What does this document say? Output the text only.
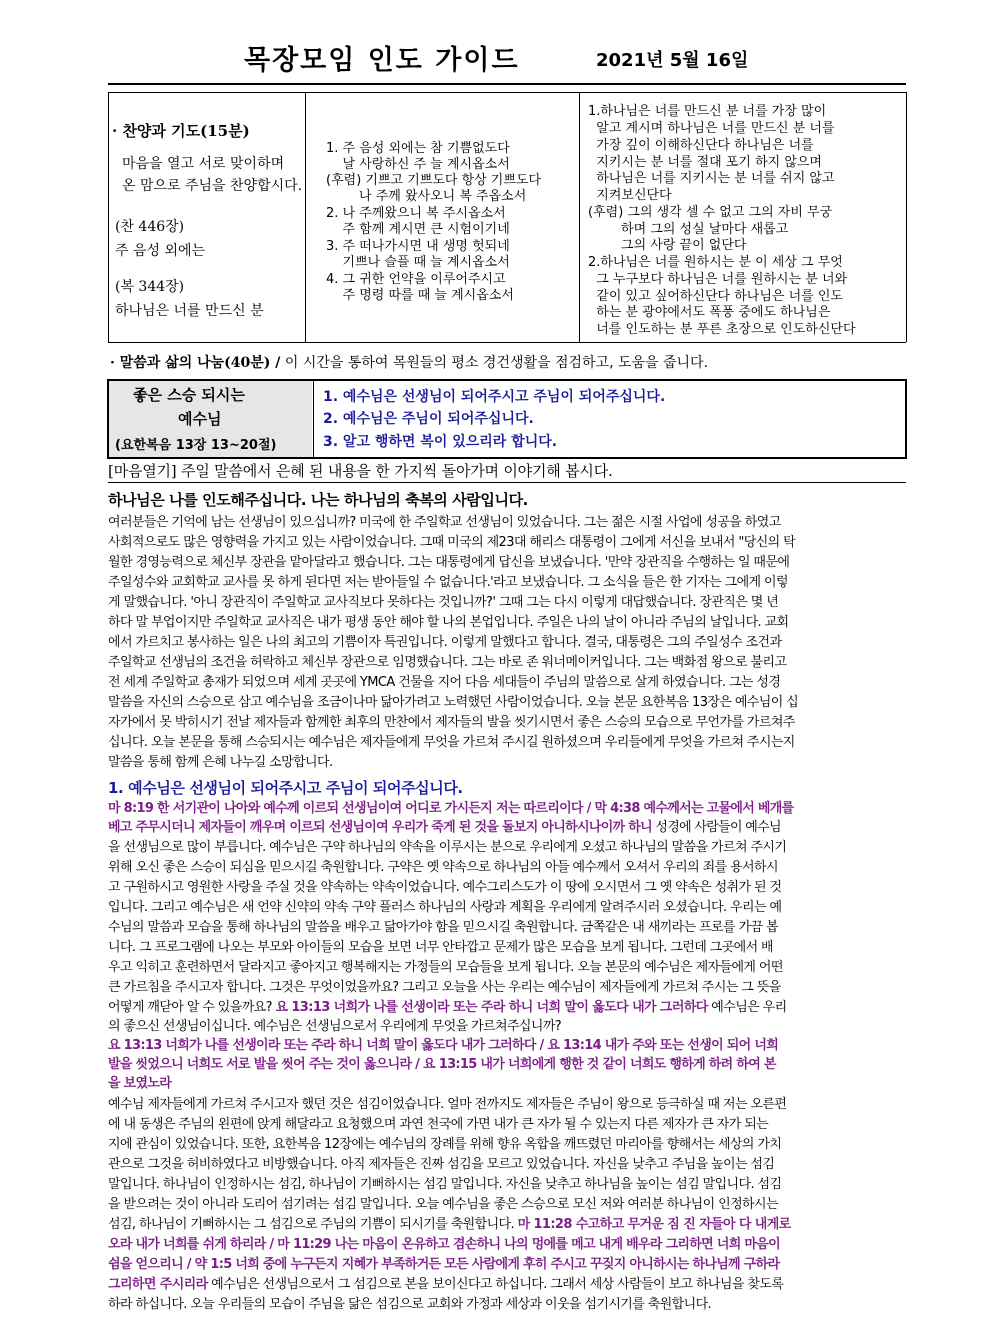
목장모임 인도 가이드	2021년 5월 16일
· 찬양과 기도(15분)
마음을 열고 서로 맞이하며
온 맘으로 주님을 찬양합시다.
(찬 446장)
주 음성 외에는
(복 344장)
하나님은 너를 만드신 분
1. 주 음성 외에는 참 기쁨없도다
날 사랑하신 주 늘 계시옵소서
(후렴) 기쁘고 기쁘도다 항상 기쁘도다
나 주께 왔사오니 복 주옵소서
2. 나 주께왔으니 복 주시옵소서
주 함께 계시면 큰 시험이기네
3. 주 떠나가시면 내 생명 헛되네
기쁘나 슬플 때 늘 계시옵소서
4. 그 귀한 언약을 이루어주시고
주 명령 따를 때 늘 계시옵소서
1.하나님은 너를 만드신 분 너를 가장 많이
알고 계시며 하나님은 너를 만드신 분 너를
가장 깊이 이해하신단다 하나님은 너를
지키시는 분 너를 절대 포기 하지 않으며
하나님은 너를 지키시는 분 너를 쉬지 않고
지켜보신단다
(후렴) 그의 생각 셀 수 없고 그의 자비 무궁
하며 그의 성실 날마다 새롭고
그의 사랑 끝이 없단다
2.하나님은 너를 원하시는 분 이 세상 그 무엇
그 누구보다 하나님은 너를 원하시는 분 너와
같이 있고 싶어하신단다 하나님은 너를 인도
하는 분 광야에서도 폭풍 중에도 하나님은
너를 인도하는 분 푸른 초장으로 인도하신단다
· 말씀과 삶의 나눔(40분) / 이 시간을 통하여 목원들의 평소 경건생활을 점검하고, 도움을 줍니다.
좋은 스승 되시는
예수님
(요한복음 13장 13~20절)
1. 예수님은 선생님이 되어주시고 주님이 되어주십니다.
2. 예수님은 주님이 되어주십니다.
3. 알고 행하면 복이 있으리라 합니다.
[마음열기] 주일 말씀에서 은혜 된 내용을 한 가지씩 돌아가며 이야기해 봅시다.
하나님은 나를 인도해주십니다. 나는 하나님의 축복의 사람입니다.
여러분들은 기억에 남는 선생님이 있으십니까? 미국에 한 주일학교 선생님이 있었습니다. 그는 젊은 시절 사업에 성공을 하였고
사회적으로도 많은 영향력을 가지고 있는 사람이었습니다. 그때 미국의 제23대 해리스 대통령이 그에게 서신을 보내서 "당신의 탁
월한 경영능력으로 체신부 장관을 맡아달라고 했습니다. 그는 대통령에게 답신을 보냈습니다. '만약 장관직을 수행하는 일 때문에
주일성수와 교회학교 교사를 못 하게 된다면 저는 받아들일 수 없습니다.'라고 보냈습니다. 그 소식을 들은 한 기자는 그에게 이렇
게 말했습니다. '아니 장관직이 주일학교 교사직보다 못하다는 것입니까?' 그때 그는 다시 이렇게 대답했습니다. 장관직은 몇 년
하다 말 부업이지만 주일학교 교사직은 내가 평생 동안 해야 할 나의 본업입니다. 주일은 나의 날이 아니라 주님의 날입니다. 교회
에서 가르치고 봉사하는 일은 나의 최고의 기쁨이자 특권입니다. 이렇게 말했다고 합니다. 결국, 대통령은 그의 주일성수 조건과
주일학교 선생님의 조건을 허락하고 체신부 장관으로 임명했습니다. 그는 바로 존 워너메이커입니다. 그는 백화점 왕으로 불리고
전 세계 주일학교 총재가 되었으며 세계 곳곳에 YMCA 건물을 지어 다음 세대들이 주님의 말씀으로 살게 하였습니다. 그는 성경
말씀을 자신의 스승으로 삼고 예수님을 조금이나마 닮아가려고 노력했던 사람이었습니다. 오늘 본문 요한복음 13장은 예수님이 십
자가에서 못 박히시기 전날 제자들과 함께한 최후의 만찬에서 제자들의 발을 씻기시면서 좋은 스승의 모습으로 무언가를 가르쳐주
십니다. 오늘 본문을 통해 스승되시는 예수님은 제자들에게 무엇을 가르쳐 주시길 원하셨으며 우리들에게 무엇을 가르쳐 주시는지
말씀을 통해 함께 은혜 나누길 소망합니다.
1. 예수님은 선생님이 되어주시고 주님이 되어주십니다.
마 8:19 한 서기관이 나아와 예수께 이르되 선생님이여 어디로 가시든지 저는 따르리이다 / 막 4:38 예수께서는 고물에서 베개를
베고 주무시더니 제자들이 깨우며 이르되 선생님이여 우리가 죽게 된 것을 돌보지 아니하시나이까 하니 성경에 사람들이 예수님
을 선생님으로 많이 부릅니다. 예수님은 구약 하나님의 약속을 이루시는 분으로 우리에게 오셨고 하나님의 말씀을 가르쳐 주시기
위해 오신 좋은 스승이 되심을 믿으시길 축원합니다. 구약은 옛 약속으로 하나님의 아들 예수께서 오셔서 우리의 죄를 용서하시
고 구원하시고 영원한 사랑을 주실 것을 약속하는 약속이었습니다. 예수그리스도가 이 땅에 오시면서 그 옛 약속은 성취가 된 것
입니다. 그리고 예수님은 새 언약 신약의 약속 구약 플러스 하나님의 사랑과 계획을 우리에게 알려주시러 오셨습니다. 우리는 예
수님의 말씀과 모습을 통해 하나님의 말씀을 배우고 닮아가야 함을 믿으시길 축원합니다. 금쪽같은 내 새끼라는 프로를 가끔 봅
니다. 그 프로그램에 나오는 부모와 아이들의 모습을 보면 너무 안타깝고 문제가 많은 모습을 보게 됩니다. 그런데 그곳에서 배
우고 익히고 훈련하면서 달라지고 좋아지고 행복해지는 가정들의 모습들을 보게 됩니다. 오늘 본문의 예수님은 제자들에게 어떤
큰 가르침을 주시고자 합니다. 그것은 무엇이었을까요? 그리고 오늘을 사는 우리는 예수님이 제자들에게 가르쳐 주시는 그 뜻을
어떻게 깨닫아 알 수 있을까요? 요 13:13 너희가 나를 선생이라 또는 주라 하니 너희 말이 옳도다 내가 그러하다 예수님은 우리
의 좋으신 선생님이십니다. 예수님은 선생님으로서 우리에게 무엇을 가르쳐주십니까?
요 13:13 너희가 나를 선생이라 또는 주라 하니 너희 말이 옳도다 내가 그러하다 / 요 13:14 내가 주와 또는 선생이 되어 너희
발을 씻었으니 너희도 서로 발을 씻어 주는 것이 옳으니라 / 요 13:15 내가 너희에게 행한 것 같이 너희도 행하게 하려 하여 본
을 보였노라
예수님 제자들에게 가르쳐 주시고자 했던 것은 섬김이었습니다. 얼마 전까지도 제자들은 주님이 왕으로 등극하실 때 저는 오른편
에 내 동생은 주님의 왼편에 앉게 해달라고 요청했으며 과연 천국에 가면 내가 큰 자가 될 수 있는지 다른 제자가 큰 자가 되는
지에 관심이 있었습니다. 또한, 요한복음 12장에는 예수님의 장례를 위해 향유 옥합을 깨뜨렸던 마리아를 향해서는 세상의 가치
관으로 그것을 허비하였다고 비방했습니다. 아직 제자들은 진짜 섬김을 모르고 있었습니다. 자신을 낮추고 주님을 높이는 섬김
말입니다. 하나님이 인정하시는 섬김, 하나님이 기뻐하시는 섬김 말입니다. 자신을 낮추고 하나님을 높이는 섬김 말입니다. 섬김
을 받으려는 것이 아니라 도리어 섬기려는 섬김 말입니다. 오늘 예수님을 좋은 스승으로 모신 저와 여러분 하나님이 인정하시는
섬김, 하나님이 기뻐하시는 그 섬김으로 주님의 기쁨이 되시기를 축원합니다. 마 11:28 수고하고 무거운 짐 진 자들아 다 내게로
오라 내가 너희를 쉬게 하리라 / 마 11:29 나는 마음이 온유하고 겸손하니 나의 멍에를 메고 내게 배우라 그리하면 너희 마음이
쉼을 얻으리니 / 약 1:5 너희 중에 누구든지 지혜가 부족하거든 모든 사람에게 후히 주시고 꾸짖지 아니하시는 하나님께 구하라
그리하면 주시리라 예수님은 선생님으로서 그 섬김으로 본을 보이신다고 하십니다. 그래서 세상 사람들이 보고 하나님을 찾도록
하라 하십니다. 오늘 우리들의 모습이 주님을 닮은 섬김으로 교회와 가정과 세상과 이웃을 섬기시기를 축원합니다.
